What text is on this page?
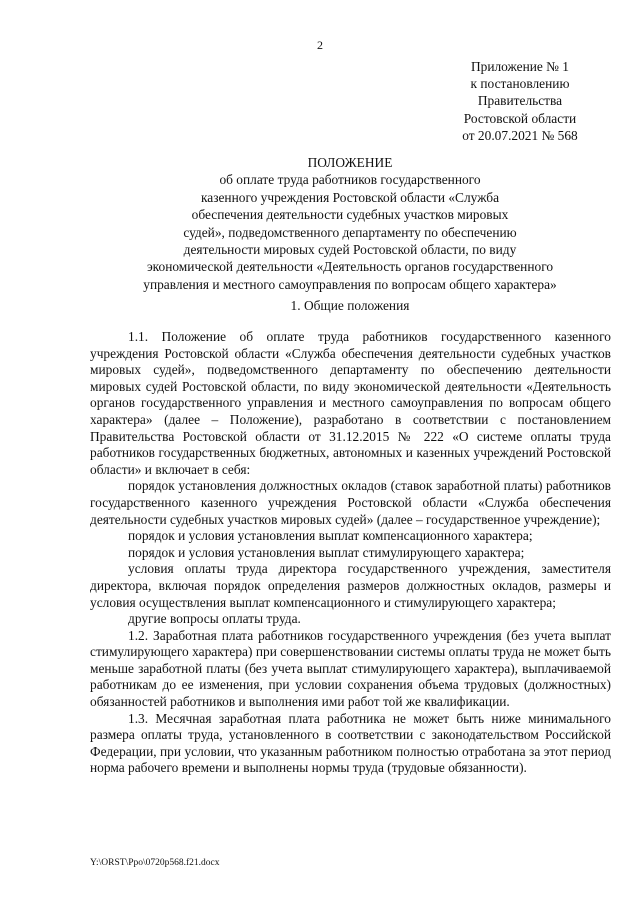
2
Приложение № 1
к постановлению
Правительства
Ростовской области
от 20.07.2021 № 568
ПОЛОЖЕНИЕ
об оплате труда работников государственного
казенного учреждения Ростовской области «Служба
обеспечения деятельности судебных участков мировых
судей», подведомственного департаменту по обеспечению
деятельности мировых судей Ростовской области, по виду
экономической деятельности «Деятельность органов государственного
управления и местного самоуправления по вопросам общего характера»
1. Общие положения

1.1. Положение об оплате труда работников государственного казенного учреждения Ростовской области «Служба обеспечения деятельности судебных участков мировых судей», подведомственного департаменту по обеспечению деятельности мировых судей Ростовской области, по виду экономической деятельности «Деятельность органов государственного управления и местного самоуправления по вопросам общего характера» (далее – Положение), разработано в соответствии с постановлением Правительства Ростовской области от 31.12.2015 № 222 «О системе оплаты труда работников государственных бюджетных, автономных и казенных учреждений Ростовской области» и включает в себя:

порядок установления должностных окладов (ставок заработной платы) работников государственного казенного учреждения Ростовской области «Служба обеспечения деятельности судебных участков мировых судей» (далее – государственное учреждение);

порядок и условия установления выплат компенсационного характера;

порядок и условия установления выплат стимулирующего характера;

условия оплаты труда директора государственного учреждения, заместителя директора, включая порядок определения размеров должностных окладов, размеры и условия осуществления выплат компенсационного и стимулирующего характера;

другие вопросы оплаты труда.

1.2. Заработная плата работников государственного учреждения (без учета выплат стимулирующего характера) при совершенствовании системы оплаты труда не может быть меньше заработной платы (без учета выплат стимулирующего характера), выплачиваемой работникам до ее изменения, при условии сохранения объема трудовых (должностных) обязанностей работников и выполнения ими работ той же квалификации.

1.3. Месячная заработная плата работника не может быть ниже минимального размера оплаты труда, установленного в соответствии с законодательством Российской Федерации, при условии, что указанным работником полностью отработана за этот период норма рабочего времени и выполнены нормы труда (трудовые обязанности).

Y:\ORST\Ppo\0720p568.f21.docx
